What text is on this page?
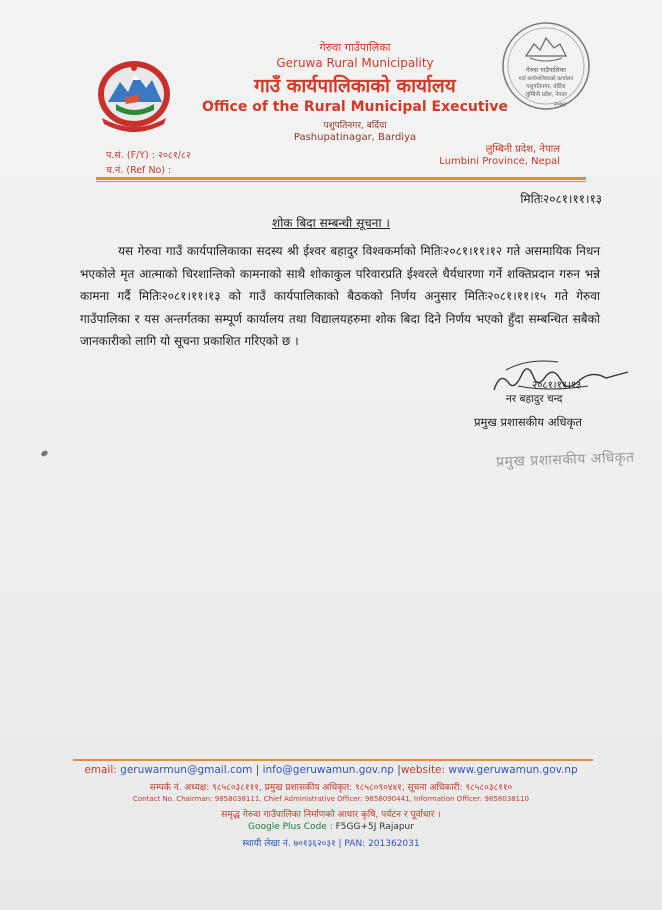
गेरुवा गाउँपालिका
गाउँ कार्यपालिकाको कार्यालय
पशुपतिनगर, बर्दिया
लुम्बिनी प्रदेश, नेपाल
२०७३
गेरुवा गाउँपालिका
Geruwa Rural Municipality
गाउँ कार्यपालिकाको कार्यालय
Office of the Rural Municipal Executive
पशुपतिनगर, बर्दिया
Pashupatinagar, Bardiya
प.सं. (F/Y) : २०८१/८२
च.नं. (Ref No) :
लुम्बिनी प्रदेश, नेपाल
Lumbini Province, Nepal
मितिः२०८१।११।१३
शोक बिदा सम्बन्धी सूचना ।

यस गेरुवा गाउँ कार्यपालिकाका सदस्य श्री ईश्वर बहादुर विश्वकर्माको मितिः२०८१।११।१२ गते असमायिक निधन भएकोले मृत आत्माको चिरशान्तिको कामनाको साथै शोकाकुल परिवारप्रति ईश्वरले धैर्यधारणा गर्ने शक्तिप्रदान गरुन भन्ने कामना गर्दै मितिः२०८१।११।१३ को गाउँ कार्यपालिकाको बैठककाे निर्णय अनुसार मितिः२०८१।११।१५ गते गेरुवा गाउँपालिका र यस अन्तर्गतका सम्पूर्ण कार्यालय तथा विद्यालयहरुमा शोक बिदा दिने निर्णय भएकाे हुँदा सम्बन्धित सबैको जानकारीको लागि यो सूचना प्रकाशित गरिएको छ ।

२०८१।११।१३
नर बहादुर चन्द
प्रमुख प्रशासकीय अधिकृत
प्रमुख प्रशासकीय अधिकृत
email: geruwarmun@gmail.com | info@geruwamun.gov.np |website: www.geruwamun.gov.np
सम्पर्क नं. अध्यक्ष: ९८५८०३८१११, प्रमुख प्रशासकीय अधिकृत: ९८५८०९०४४१, सूचना अधिकारी: ९८५८०३८११०
Contact No. Chairman: 9858038111, Chief Administrative Officer: 9858090441, Information Officer: 9858038110
समृद्ध गेरुवा गाउँपालिका निर्माणको आधार कृषि, पर्यटन र पूर्वाधार ।
Google Plus Code : F5GG+5J Rajapur
स्थायी लेखा नं. ७०१३६२०३१ | PAN: 201362031
